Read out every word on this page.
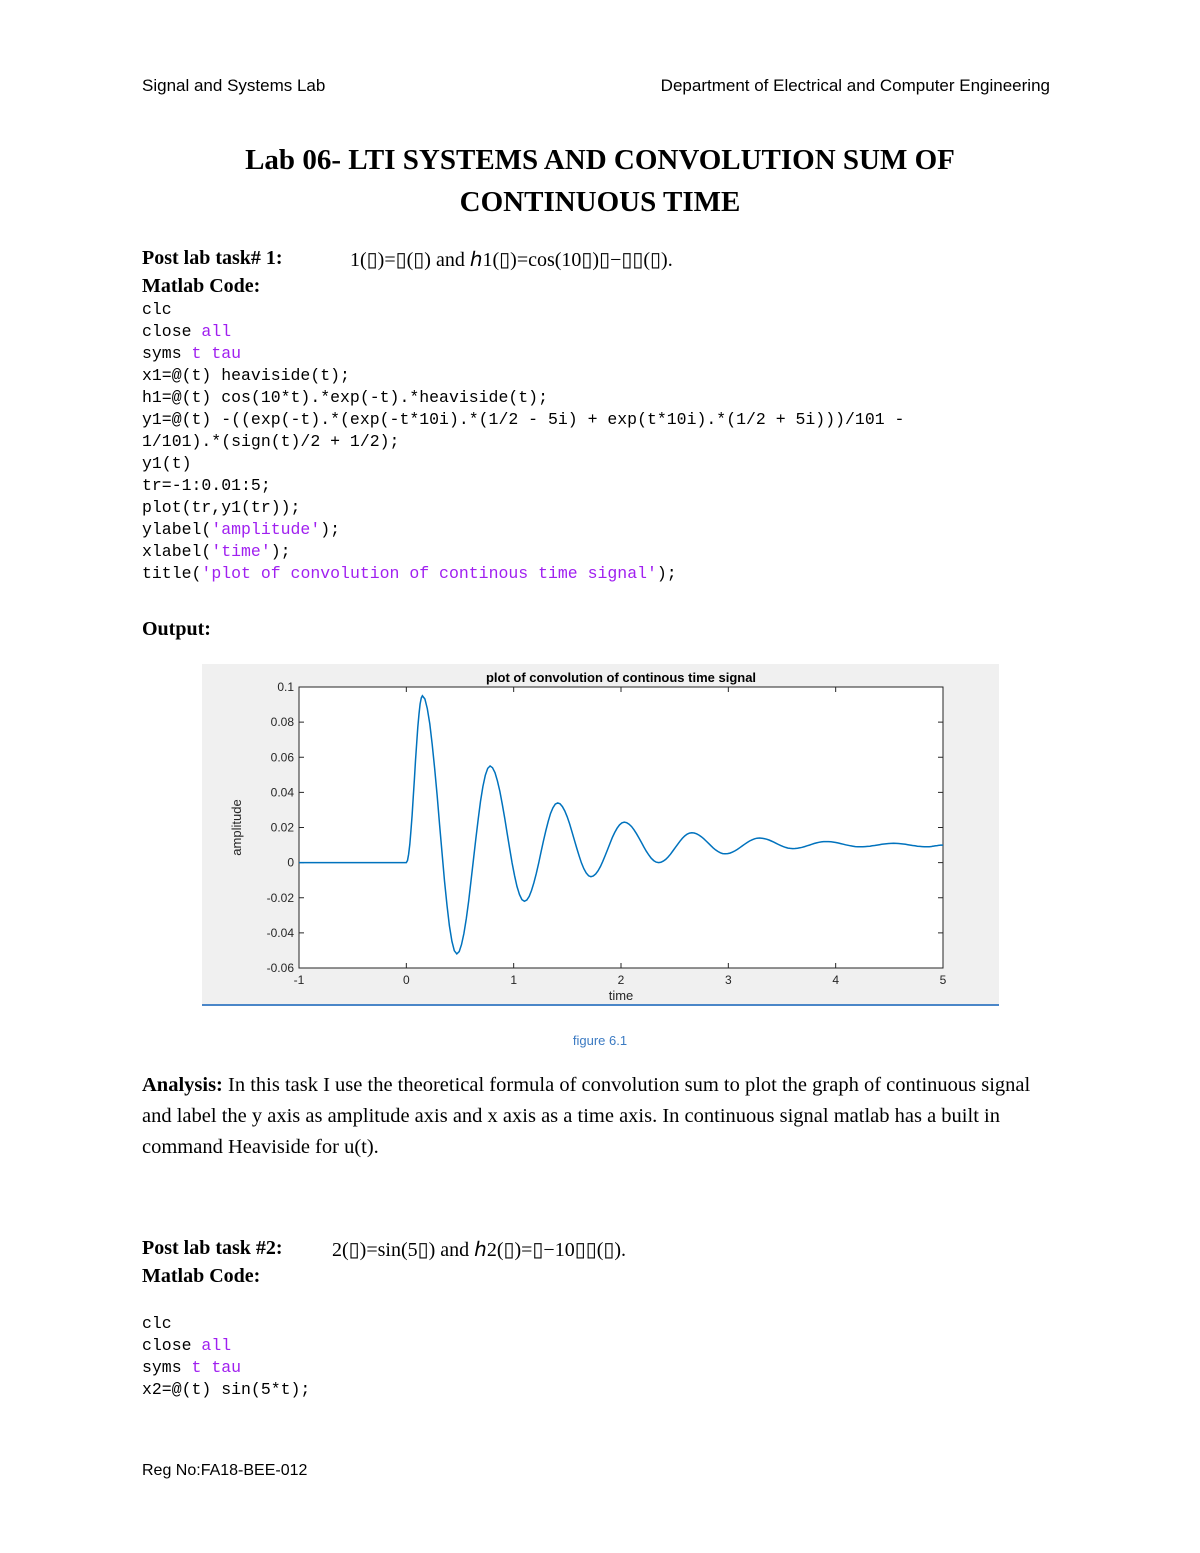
Signal and Systems Lab	Department of Electrical and Computer Engineering
Lab 06- LTI SYSTEMS AND CONVOLUTION SUM OF
CONTINUOUS TIME
Post lab task# 1:	1(▯)=▯(▯) and ℎ1(▯)=cos(10▯)▯−▯▯(▯).
Matlab Code:
clc
close all
syms t tau
x1=@(t) heaviside(t);
h1=@(t) cos(10*t).*exp(-t).*heaviside(t);
y1=@(t) -((exp(-t).*(exp(-t*10i).*(1/2 - 5i) + exp(t*10i).*(1/2 + 5i)))/101 -
1/101).*(sign(t)/2 + 1/2);
y1(t)
tr=-1:0.01:5;
plot(tr,y1(tr));
ylabel('amplitude');
xlabel('time');
title('plot of convolution of continous time signal');
Output:
0.1
0.08
0.06
0.04
0.02
0
-0.02
-0.04
-0.06
-1	0	1	2	3	4	5
plot of convolution of continous time signal
time
amplitude
figure 6.1
Analysis: In this task I use the theoretical formula of convolution sum to plot the graph of continuous signal and label the y axis as amplitude axis and x axis as a time axis. In continuous signal matlab has a built in command Heaviside for u(t).
Post lab task #2: 2(▯)=sin(5▯) and ℎ2(▯)=▯−10▯▯(▯).
Matlab Code:
clc
close all
syms t tau
x2=@(t) sin(5*t);
Reg No:FA18-BEE-012
